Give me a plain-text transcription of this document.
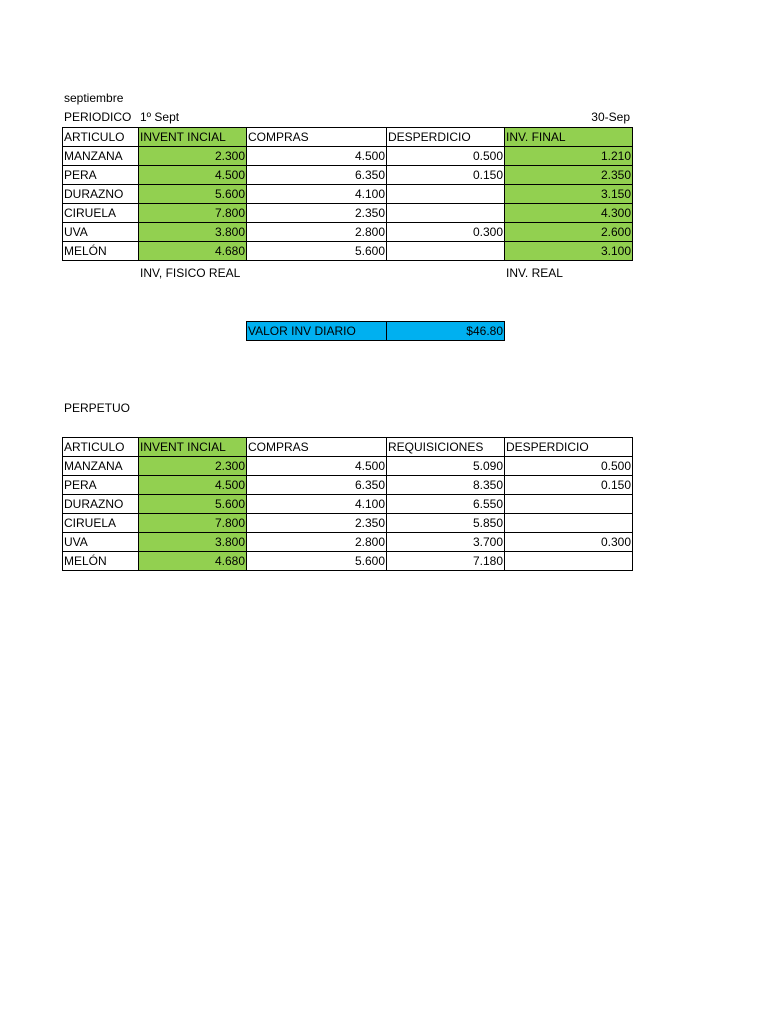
septiembre
PERIODICO 1º Sept	30-Sep
ARTICULO	INVENT INCIAL	COMPRAS	DESPERDICIO	INV. FINAL
MANZANA	2.300	4.500	0.500	1.210
PERA	4.500	6.350	0.150	2.350
DURAZNO	5.600	4.100		3.150
CIRUELA	7.800	2.350		4.300
UVA	3.800	2.800	0.300	2.600
MELÓN	4.680	5.600		3.100
INV, FISICO REAL	INV. REAL
VALOR INV DIARIO	$46.80
PERPETUO
ARTICULO	INVENT INCIAL	COMPRAS	REQUISICIONES	DESPERDICIO
MANZANA	2.300	4.500	5.090	0.500
PERA	4.500	6.350	8.350	0.150
DURAZNO	5.600	4.100	6.550	
CIRUELA	7.800	2.350	5.850	
UVA	3.800	2.800	3.700	0.300
MELÓN	4.680	5.600	7.180	
